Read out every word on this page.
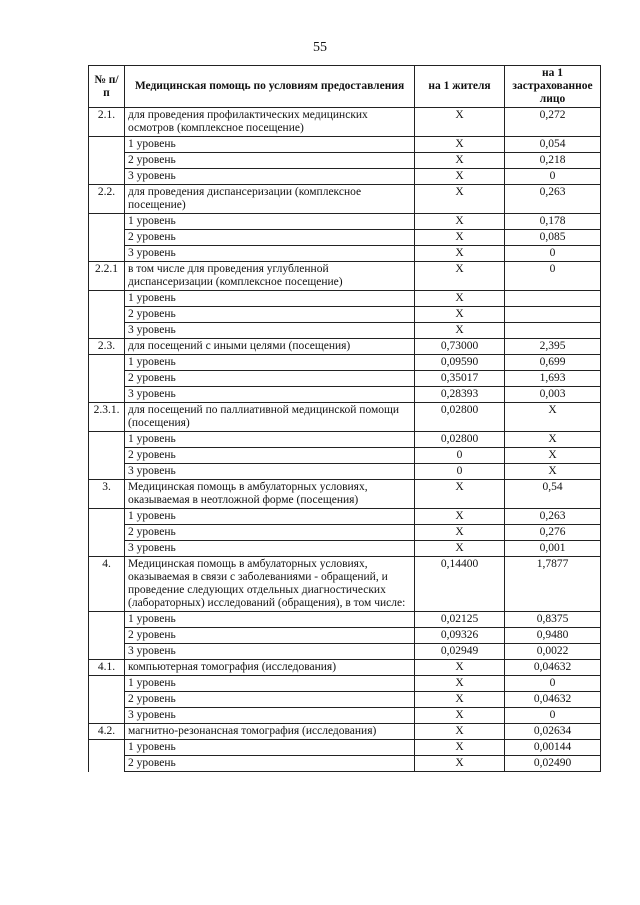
55
№ п/п	Медицинская помощь по условиям предоставления	на 1 жителя	на 1 застрахованное лицо
2.1.	для проведения профилактических медицинских осмотров (комплексное посещение)	Х	0,272
	1 уровень	Х	0,054
	2 уровень	Х	0,218
	3 уровень	Х	0
2.2.	для проведения диспансеризации (комплексное посещение)	Х	0,263
	1 уровень	Х	0,178
	2 уровень	Х	0,085
	3 уровень	Х	0
2.2.1	в том числе для проведения углубленной диспансеризации (комплексное посещение)	Х	0
	1 уровень	Х	
	2 уровень	Х	
	3 уровень	Х	
2.3.	для посещений с иными целями (посещения)	0,73000	2,395
	1 уровень	0,09590	0,699
	2 уровень	0,35017	1,693
	3 уровень	0,28393	0,003
2.3.1.	для посещений по паллиативной медицинской помощи (посещения)	0,02800	Х
	1 уровень	0,02800	Х
	2 уровень	0	Х
	3 уровень	0	Х
3.	Медицинская помощь в амбулаторных условиях, оказываемая в неотложной форме (посещения)	Х	0,54
	1 уровень	Х	0,263
	2 уровень	Х	0,276
	3 уровень	Х	0,001
4.	Медицинская помощь в амбулаторных условиях, оказываемая в связи с заболеваниями - обращений, и проведение следующих отдельных диагностических (лабораторных) исследований (обращения), в том числе:	0,14400	1,7877
	1 уровень	0,02125	0,8375
	2 уровень	0,09326	0,9480
	3 уровень	0,02949	0,0022
4.1.	компьютерная томография (исследования)	Х	0,04632
	1 уровень	Х	0
	2 уровень	Х	0,04632
	3 уровень	Х	0
4.2.	магнитно-резонансная томография (исследования)	Х	0,02634
	1 уровень	Х	0,00144
	2 уровень	Х	0,02490
